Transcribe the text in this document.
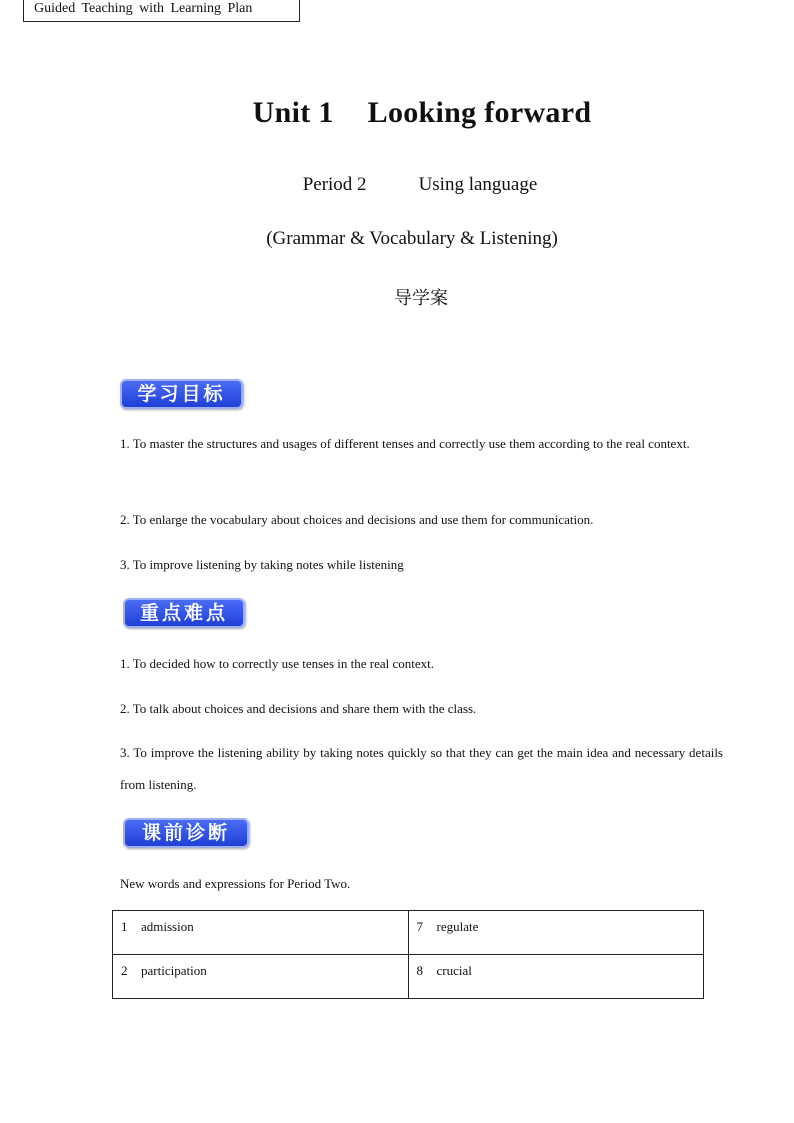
Guided Teaching with Learning Plan
Unit 1 Looking forward
Period 2	Using language
(Grammar & Vocabulary & Listening)
导学案
学习目标

1. To master the structures and usages of different tenses and correctly use them according to the real context.

2. To enlarge the vocabulary about choices and decisions and use them for communication.

3. To improve listening by taking notes while listening

重点难点

1. To decided how to correctly use tenses in the real context.

2. To talk about choices and decisions and share them with the class.

3. To improve the listening ability by taking notes quickly so that they can get the main idea and necessary details from listening.

课前诊断

New words and expressions for Period Two.

1 admission	7 regulate
2 participation	8 crucial
